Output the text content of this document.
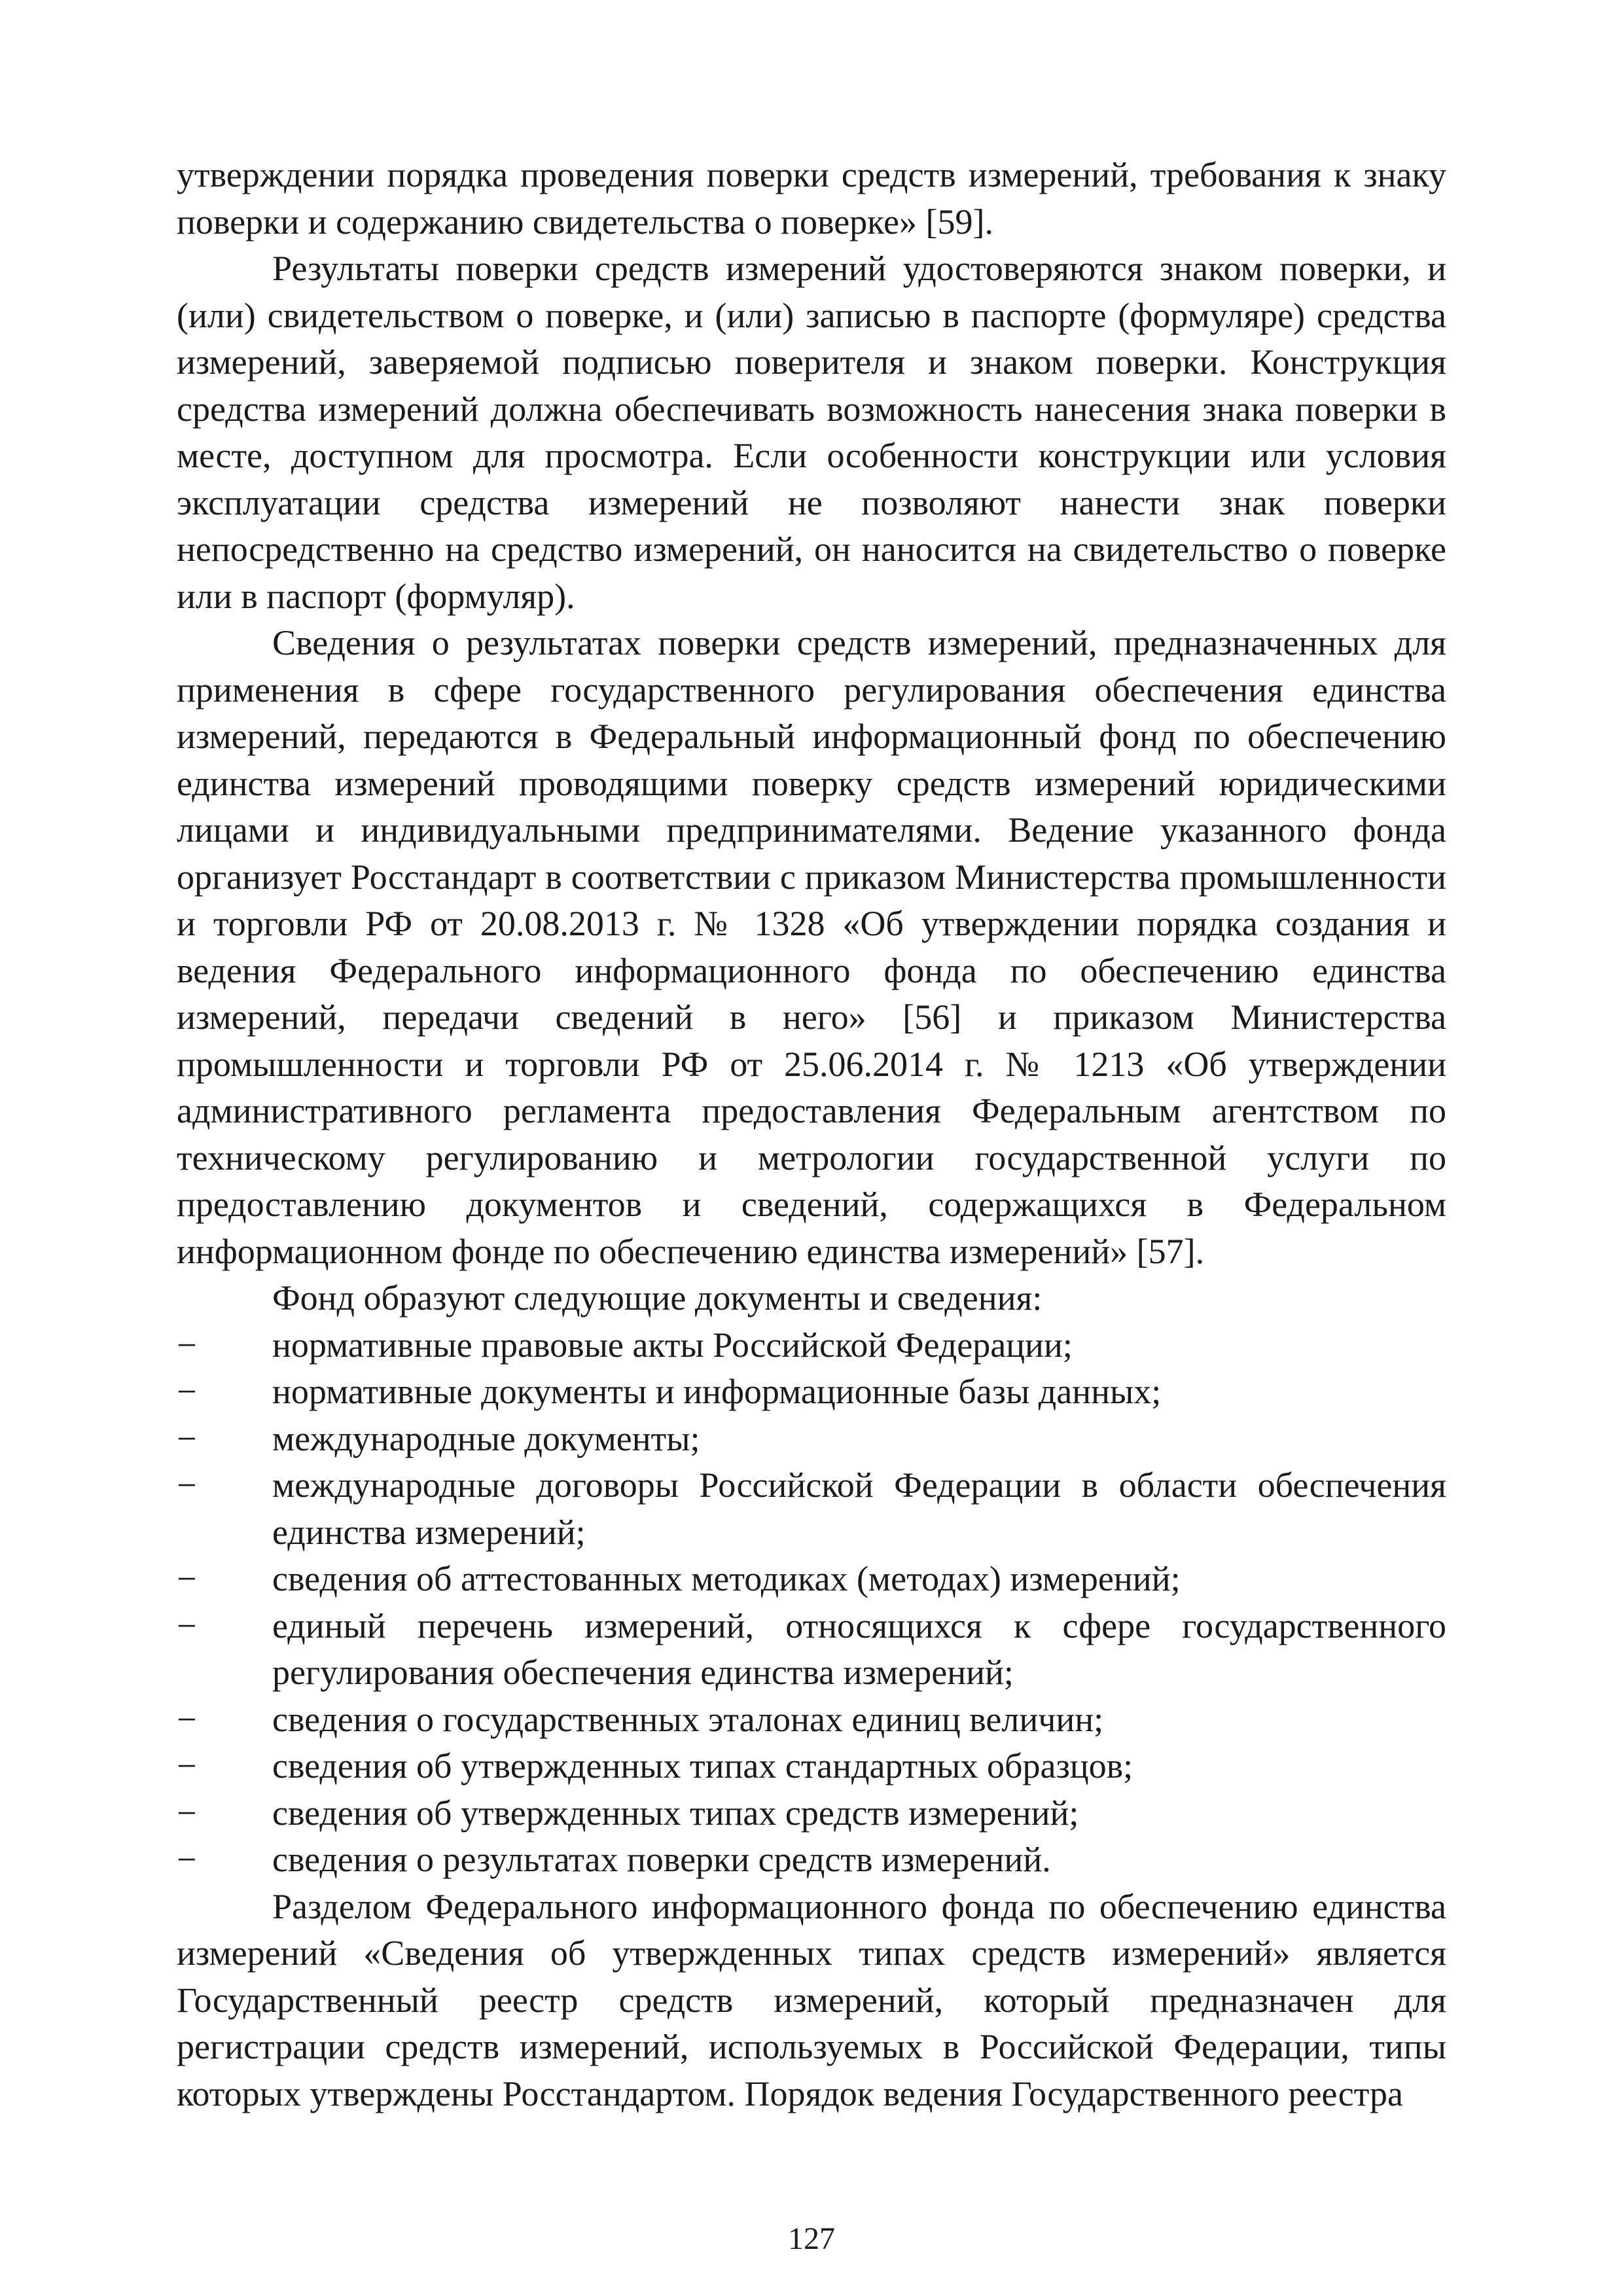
утверждении порядка проведения поверки средств измерений, требования к знаку поверки и содержанию свидетельства о поверке» [59].

Результаты поверки средств измерений удостоверяются знаком поверки, и (или) свидетельством о поверке, и (или) записью в паспорте (формуляре) средства измерений, заверяемой подписью поверителя и знаком поверки. Конструкция средства измерений должна обеспечивать возможность нанесения знака поверки в месте, доступном для просмотра. Если особенности конструкции или условия эксплуатации средства измерений не позволяют нанести знак поверки непосредственно на средство измерений, он наносится на свидетельство о поверке или в паспорт (формуляр).

Сведения о результатах поверки средств измерений, предназначенных для применения в сфере государственного регулирования обеспечения единства измерений, передаются в Федеральный информационный фонд по обеспечению единства измерений проводящими поверку средств измерений юридическими лицами и индивидуальными предпринимателями. Ведение указанного фонда организует Росстандарт в соответствии с приказом Министерства промышленности и торговли РФ от 20.08.2013 г. № 1328 «Об утверждении порядка создания и ведения Федерального информационного фонда по обеспечению единства измерений, передачи сведений в него» [56] и приказом Министерства промышленности и торговли РФ от 25.06.2014 г. № 1213 «Об утверждении административного регламента предоставления Федеральным агентством по техническому регулированию и метрологии государственной услуги по предоставлению документов и сведений, содержащихся в Федеральном информационном фонде по обеспечению единства измерений» [57].

Фонд образуют следующие документы и сведения:

− нормативные правовые акты Российской Федерации;
− нормативные документы и информационные базы данных;
− международные документы;
− международные договоры Российской Федерации в области обеспечения единства измерений;
− сведения об аттестованных методиках (методах) измерений;
− единый перечень измерений, относящихся к сфере государственного регулирования обеспечения единства измерений;
− сведения о государственных эталонах единиц величин;
− сведения об утвержденных типах стандартных образцов;
− сведения об утвержденных типах средств измерений;
− сведения о результатах поверки средств измерений.

Разделом Федерального информационного фонда по обеспечению единства измерений «Сведения об утвержденных типах средств измерений» является Государственный реестр средств измерений, который предназначен для регистрации средств измерений, используемых в Российской Федерации, типы которых утверждены Росстандартом. Порядок ведения Государственного реестра

127
